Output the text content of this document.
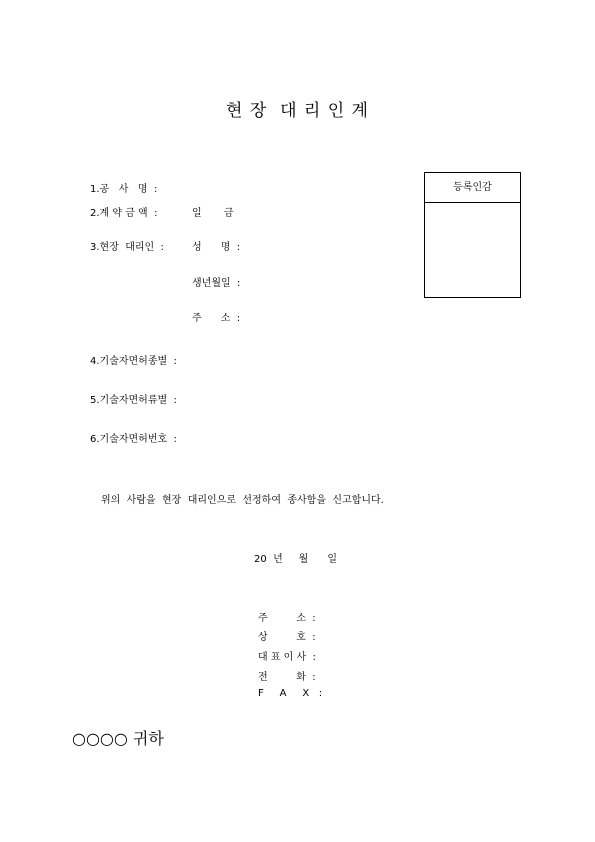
현 장  대 리 인 계
1.공   사   명  :
2.계 약 금 액  :	일       금
3.현장  대리인  :	성      명  :
생년월일  :
주      소  :
4.기술자면허종별  :
5.기술자면허류별  :
6.기술자면허번호  :
등록인감
위의  사람을  현장  대리인으로  선정하여  종사함을  신고합니다.
20  년     월      일
주         소  :
상         호  :
대 표 이 사  :
전         화  :
F     A     X   :
○○○○ 귀하
